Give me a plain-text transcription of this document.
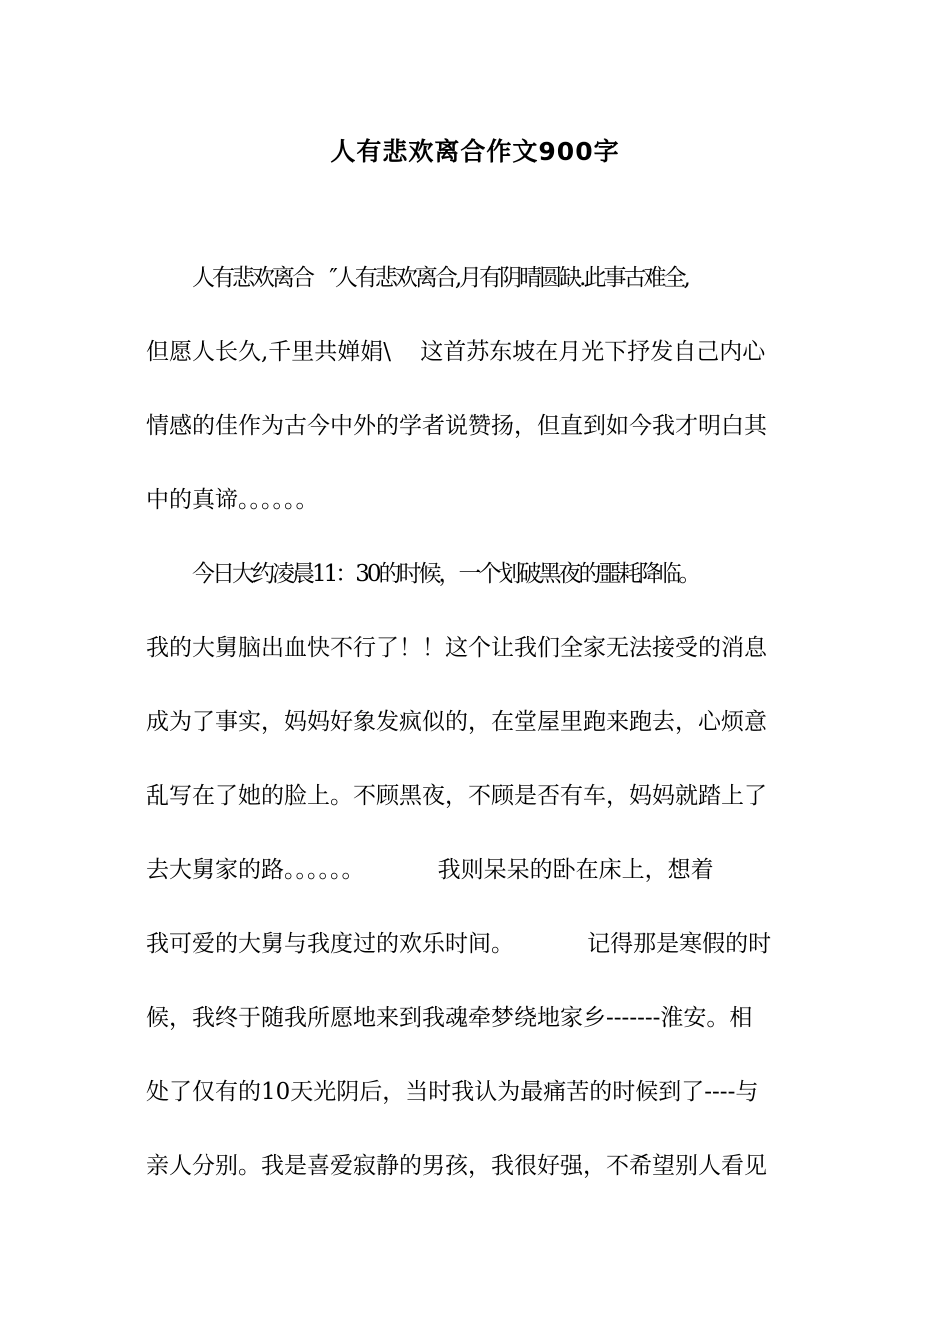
人有悲欢离合作文900字
人有悲欢离合    ″人有悲欢离合,月有阴晴圆缺.此事古难全,
但愿人长久,千里共婵娟\    这首苏东坡在月光下抒发自己内心
情感的佳作为古今中外的学者说赞扬，但直到如今我才明白其
中的真谛。。。。。。
今日大约凌晨11：30的时候，一个划破黑夜的噩耗降临。
我的大舅脑出血快不行了！！这个让我们全家无法接受的消息
成为了事实，妈妈好象发疯似的，在堂屋里跑来跑去，心烦意
乱写在了她的脸上。不顾黑夜，不顾是否有车，妈妈就踏上了
去大舅家的路。。。。。。          我则呆呆的卧在床上，想着
我可爱的大舅与我度过的欢乐时间。          记得那是寒假的时
候，我终于随我所愿地来到我魂牵梦绕地家乡-------淮安。相
处了仅有的10天光阴后，当时我认为最痛苦的时候到了----与
亲人分别。我是喜爱寂静的男孩，我很好强，不希望别人看见
